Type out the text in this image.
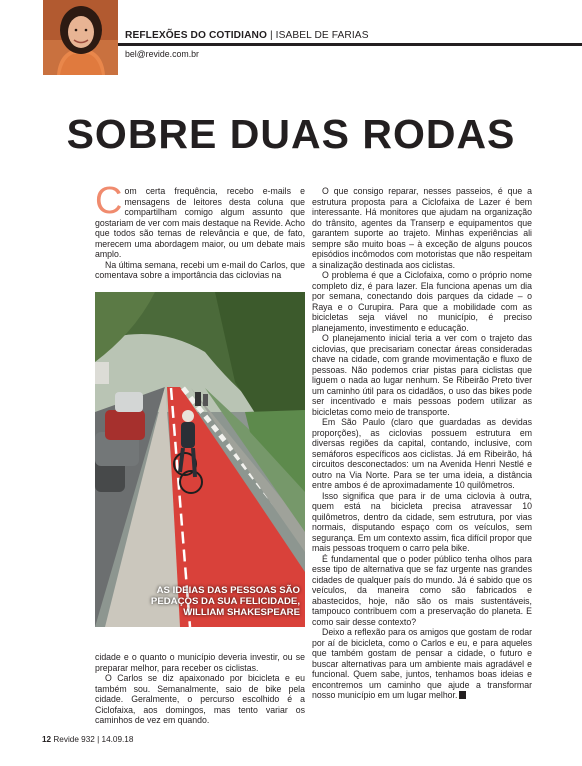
REFLEXÕES DO COTIDIANO | ISABEL DE FARIAS
bel@revide.com.br
SOBRE DUAS RODAS

Com certa frequência, recebo e-mails e mensagens de leitores desta coluna que compartilham comigo algum assunto que gostariam de ver com mais destaque na Revide. Acho que todos são temas de relevância e que, de fato, merecem uma abordagem maior, ou um debate mais amplo.

Na última semana, recebi um e-mail do Carlos, que comentava sobre a importância das ciclovias na

AS IDEIAS DAS PESSOAS SÃO
PEDAÇOS DA SUA FELICIDADE,
WILLIAM SHAKESPEARE

cidade e o quanto o município deveria investir, ou se preparar melhor, para receber os ciclistas.

O Carlos se diz apaixonado por bicicleta e eu também sou. Semanalmente, saio de bike pela cidade. Geralmente, o percurso escolhido é a Ciclofaixa, aos domingos, mas tento variar os caminhos de vez em quando.

O que consigo reparar, nesses passeios, é que a estrutura proposta para a Ciclofaixa de Lazer é bem interessante. Há monitores que ajudam na organização do trânsito, agentes da Transerp e equipamentos que garantem suporte ao trajeto. Minhas experiências ali sempre são muito boas – à exceção de alguns poucos episódios incômodos com motoristas que não respeitam a sinalização destinada aos ciclistas.

O problema é que a Ciclofaixa, como o próprio nome completo diz, é para lazer. Ela funciona apenas um dia por semana, conectando dois parques da cidade – o Raya e o Curupira. Para que a mobilidade com as bicicletas seja viável no município, é preciso planejamento, investimento e educação.

O planejamento inicial teria a ver com o trajeto das ciclovias, que precisariam conectar áreas consideradas chave na cidade, com grande movimentação e fluxo de pessoas. Não podemos criar pistas para ciclistas que liguem o nada ao lugar nenhum. Se Ribeirão Preto tiver um caminho útil para os cidadãos, o uso das bikes pode ser incentivado e mais pessoas podem utilizar as bicicletas como meio de transporte.

Em São Paulo (claro que guardadas as devidas proporções), as ciclovias possuem estrutura em diversas regiões da capital, contando, inclusive, com semáforos específicos aos ciclistas. Já em Ribeirão, há circuitos desconectados: um na Avenida Henri Nestlé e outro na Via Norte. Para se ter uma ideia, a distância entre ambos é de aproximadamente 10 quilômetros.

Isso significa que para ir de uma ciclovia à outra, quem está na bicicleta precisa atravessar 10 quilômetros, dentro da cidade, sem estrutura, por vias normais, disputando espaço com os veículos, sem segurança. Em um contexto assim, fica difícil propor que mais pessoas troquem o carro pela bike.

É fundamental que o poder público tenha olhos para esse tipo de alternativa que se faz urgente nas grandes cidades de qualquer país do mundo. Já é sabido que os veículos, da maneira como são fabricados e abastecidos, hoje, não são os mais sustentáveis, tampouco contribuem com a preservação do planeta. E como sair desse contexto?

Deixo a reflexão para os amigos que gostam de rodar por aí de bicicleta, como o Carlos e eu, e para aqueles que também gostam de pensar a cidade, o futuro e buscar alternativas para um ambiente mais agradável e funcional. Quem sabe, juntos, tenhamos boas ideias e encontremos um caminho que ajude a transformar nosso município em um lugar melhor.

12 Revide 932 | 14.09.18
